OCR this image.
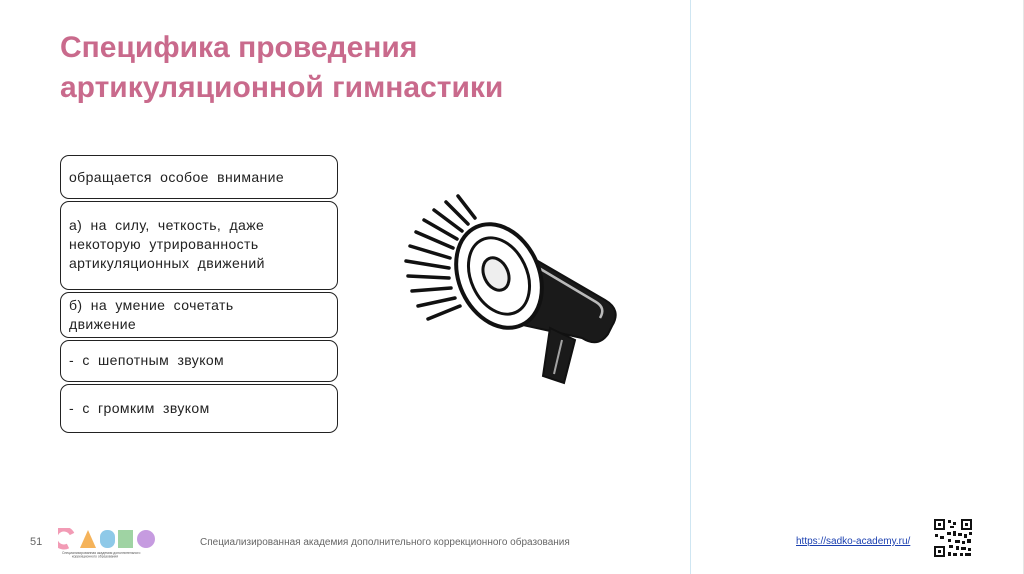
Специфика проведения
артикуляционной гимнастики
обращается особое внимание
а) на силу, четкость, даже
некоторую утрированность
артикуляционных движений
б) на умение сочетать
движение
- с шепотным звуком
- с громким звуком
51
Специализированная академия дополнительного
коррекционного образования
Специализированная академия дополнительного коррекционного образования	https://sadko-academy.ru/
